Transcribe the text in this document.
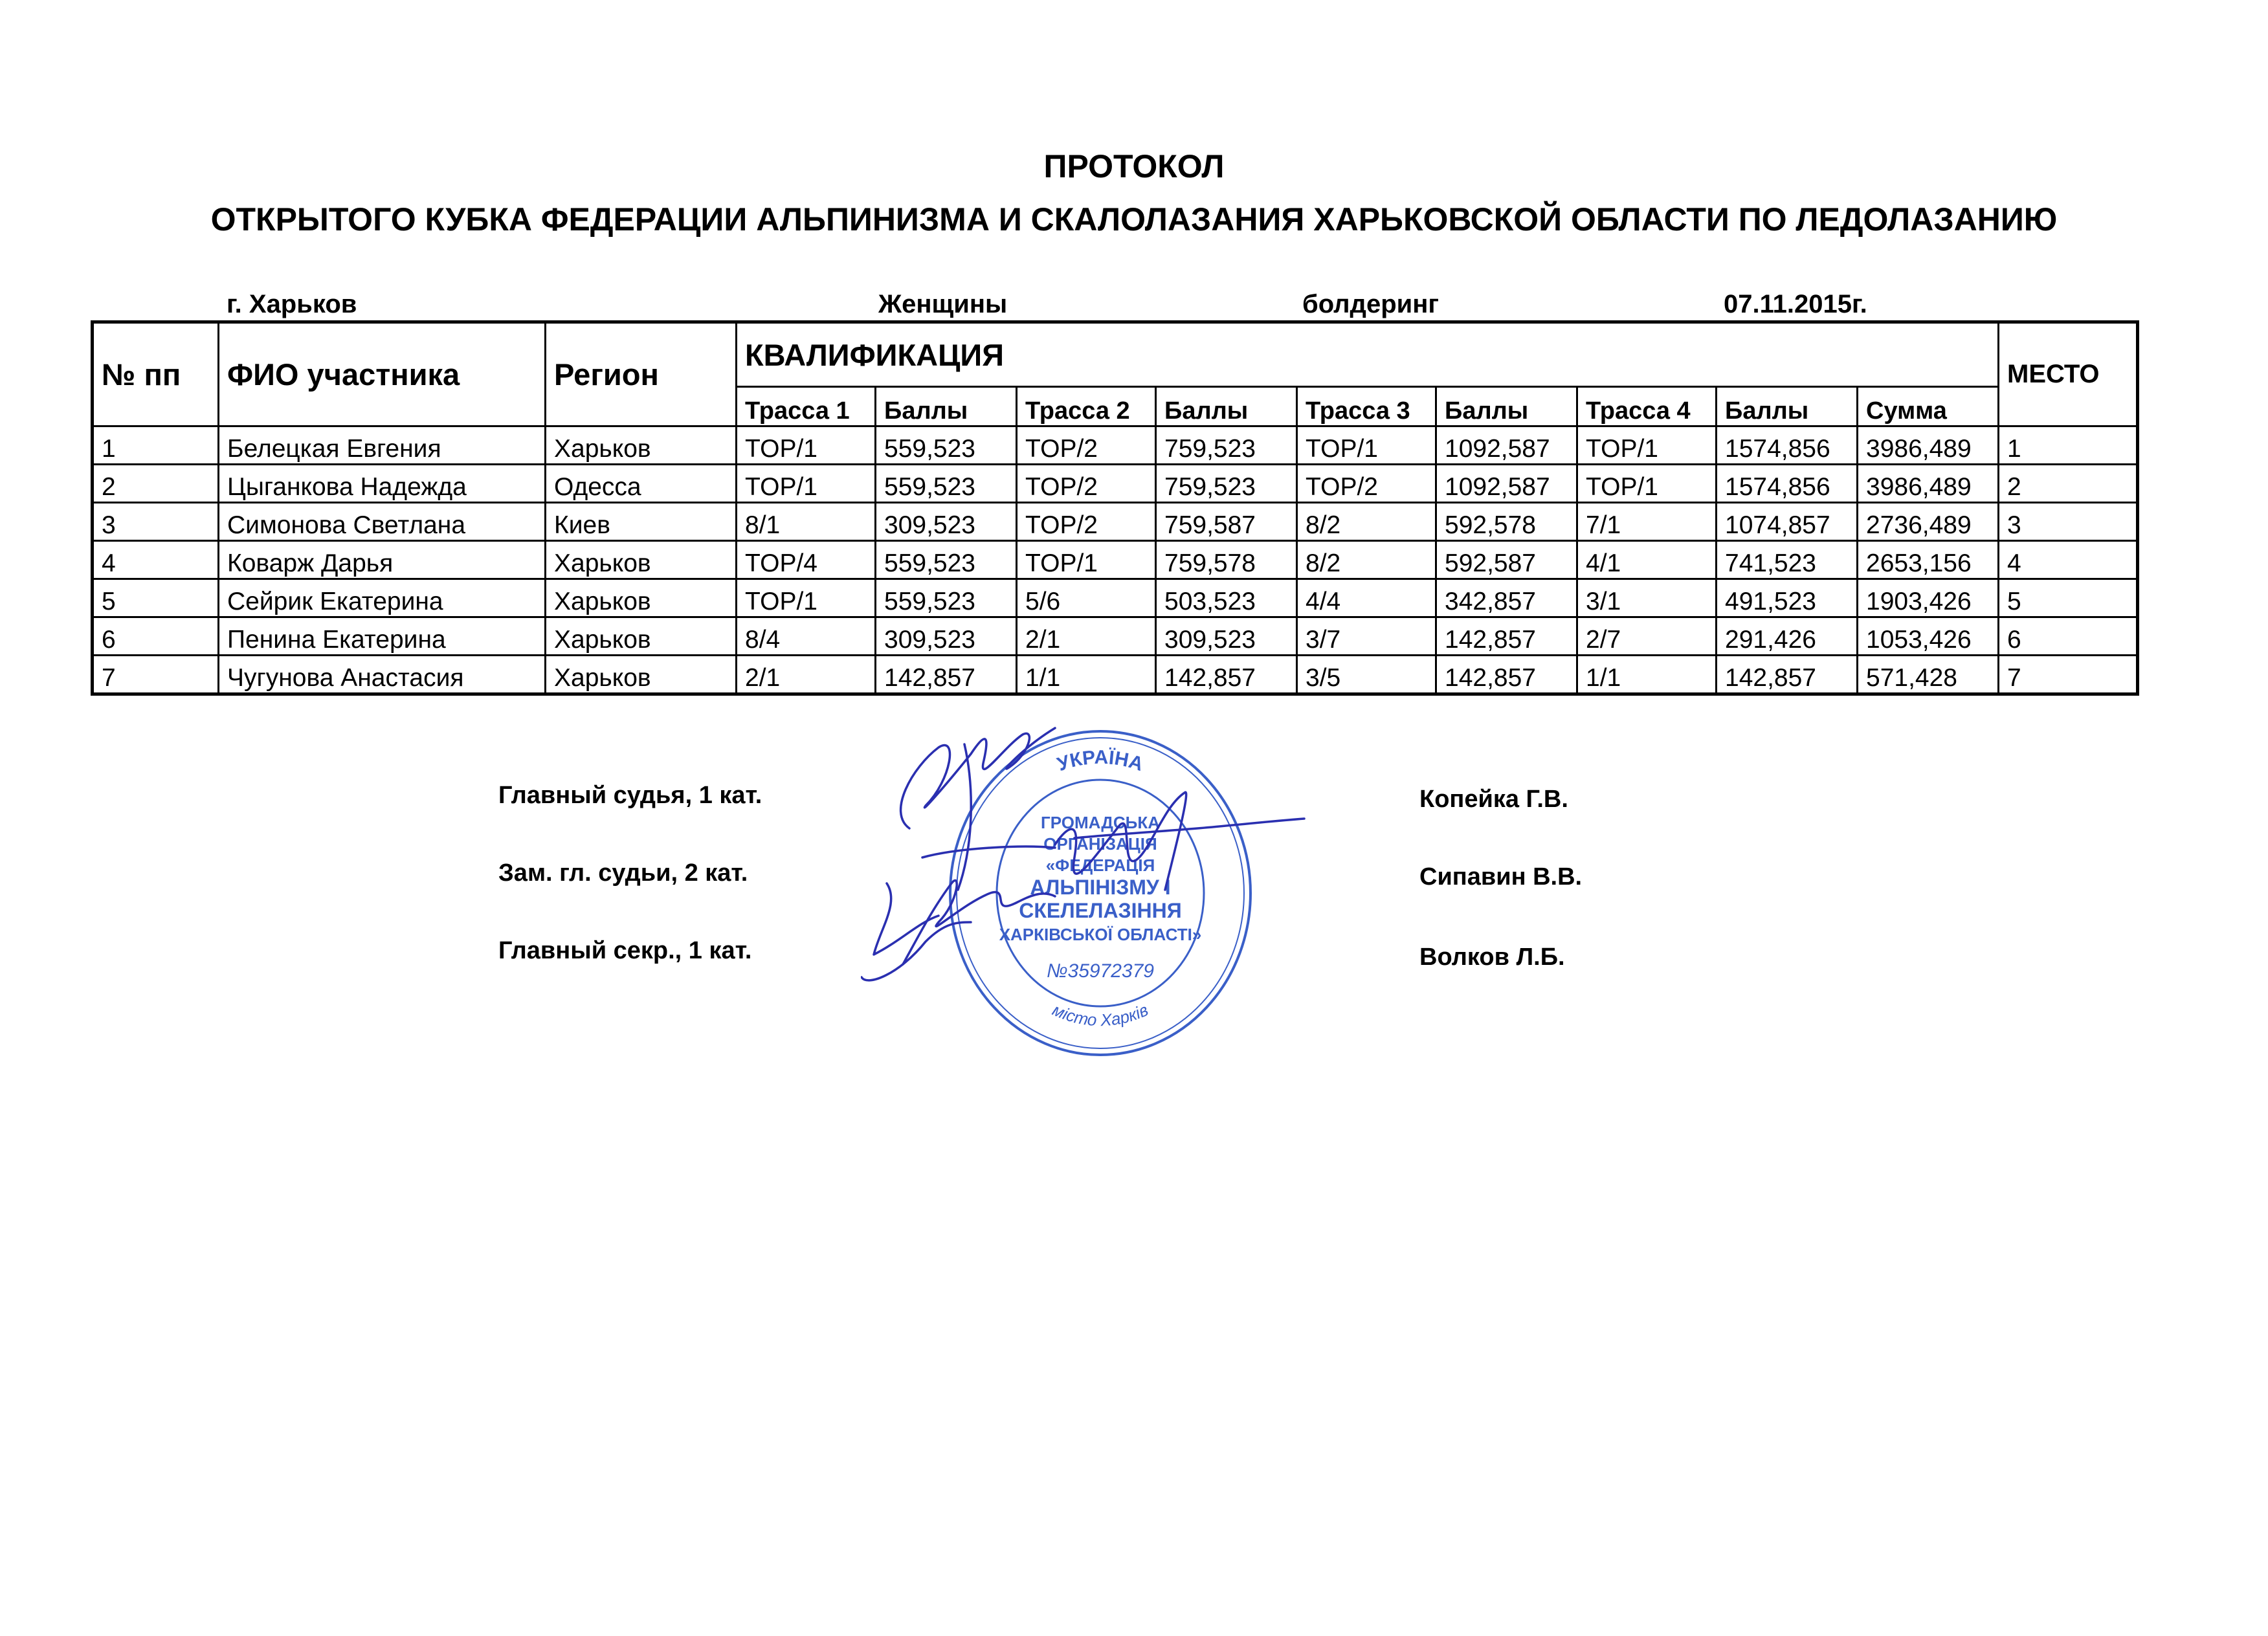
ПРОТОКОЛ
ОТКРЫТОГО КУБКА ФЕДЕРАЦИИ АЛЬПИНИЗМА И СКАЛОЛАЗАНИЯ ХАРЬКОВСКОЙ ОБЛАСТИ ПО ЛЕДОЛАЗАНИЮ
г. Харьков	Женщины	болдеринг	07.11.2015г.
№ пп	ФИО участника	Регион	КВАЛИФИКАЦИЯ									МЕСТО
			Трасса 1	Баллы	Трасса 2	Баллы	Трасса 3	Баллы	Трасса 4	Баллы	Сумма	
1	Белецкая Евгения	Харьков	TOP/1	559,523	TOP/2	759,523	TOP/1	1092,587	TOP/1	1574,856	3986,489	1
2	Цыганкова Надежда	Одесса	TOP/1	559,523	TOP/2	759,523	TOP/2	1092,587	TOP/1	1574,856	3986,489	2
3	Симонова Светлана	Киев	8/1	309,523	TOP/2	759,587	8/2	592,578	7/1	1074,857	2736,489	3
4	Коварж Дарья	Харьков	TOP/4	559,523	TOP/1	759,578	8/2	592,587	4/1	741,523	2653,156	4
5	Сейрик Екатерина	Харьков	TOP/1	559,523	5/6	503,523	4/4	342,857	3/1	491,523	1903,426	5
6	Пенина Екатерина	Харьков	8/4	309,523	2/1	309,523	3/7	142,857	2/7	291,426	1053,426	6
7	Чугунова Анастасия	Харьков	2/1	142,857	1/1	142,857	3/5	142,857	1/1	142,857	571,428	7
Главный судья, 1 кат.
Зам. гл. судьи, 2 кат.
Главный секр., 1 кат.
Копейка Г.В.
Сипавин В.В.
Волков Л.Б.
УКРАЇНА
місто Харків
ГРОМАДСЬКА
ОРГАНІЗАЦІЯ
«ФЕДЕРАЦІЯ
АЛЬПІНІЗМУ І
СКЕЛЕЛАЗІННЯ
ХАРКІВСЬКОЇ ОБЛАСТІ»
№35972379
